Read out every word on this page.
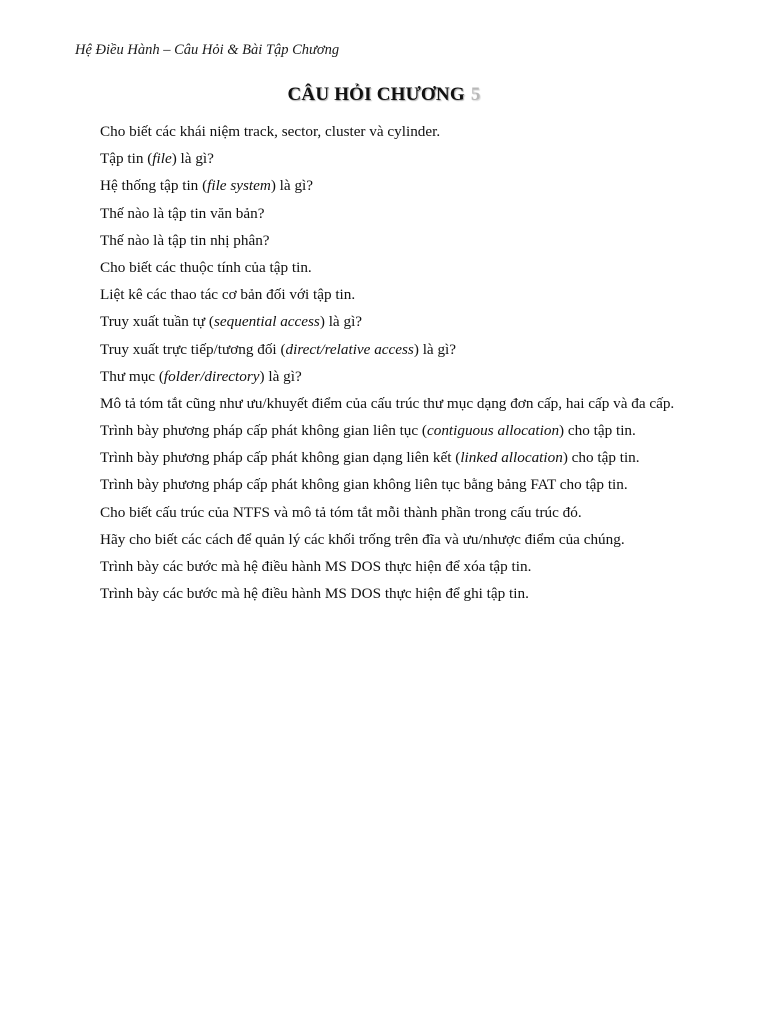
Hệ Điều Hành – Câu Hỏi & Bài Tập Chương
CÂU HỎI CHƯƠNG 5
Cho biết các khái niệm track, sector, cluster và cylinder.
Tập tin (file) là gì?
Hệ thống tập tin (file system) là gì?
Thế nào là tập tin văn bản?
Thế nào là tập tin nhị phân?
Cho biết các thuộc tính của tập tin.
Liệt kê các thao tác cơ bản đối với tập tin.
Truy xuất tuần tự (sequential access) là gì?
Truy xuất trực tiếp/tương đối (direct/relative access) là gì?
Thư mục (folder/directory) là gì?
Mô tả tóm tắt cũng như ưu/khuyết điểm của cấu trúc thư mục dạng đơn cấp, hai cấp và đa cấp.
Trình bày phương pháp cấp phát không gian liên tục (contiguous allocation) cho tập tin.
Trình bày phương pháp cấp phát không gian dạng liên kết (linked allocation) cho tập tin.
Trình bày phương pháp cấp phát không gian không liên tục bằng bảng FAT cho tập tin.
Cho biết cấu trúc của NTFS và mô tả tóm tắt mỗi thành phần trong cấu trúc đó.
Hãy cho biết các cách để quản lý các khối trống trên đĩa và ưu/nhược điểm của chúng.
Trình bày các bước mà hệ điều hành MS DOS thực hiện để xóa tập tin.
Trình bày các bước mà hệ điều hành MS DOS thực hiện để ghi tập tin.
